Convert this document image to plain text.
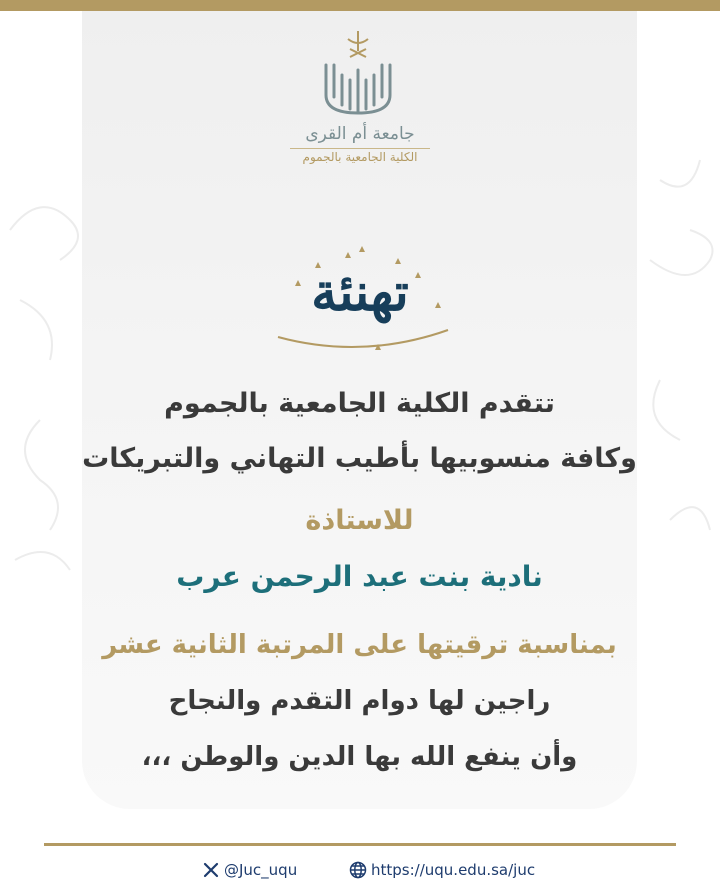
جامعة أم القرى
الكلية الجامعية بالجموم
تهنئة
تتقدم الكلية الجامعية بالجموم
وكافة منسوبيها بأطيب التهاني والتبريكات
للاستاذة
نادية بنت عبد الرحمن عرب
بمناسبة ترقيتها على المرتبة الثانية عشر
راجين لها دوام التقدم والنجاح
وأن ينفع الله بها الدين والوطن ،،،
@Juc_uqu	https://uqu.edu.sa/juc
